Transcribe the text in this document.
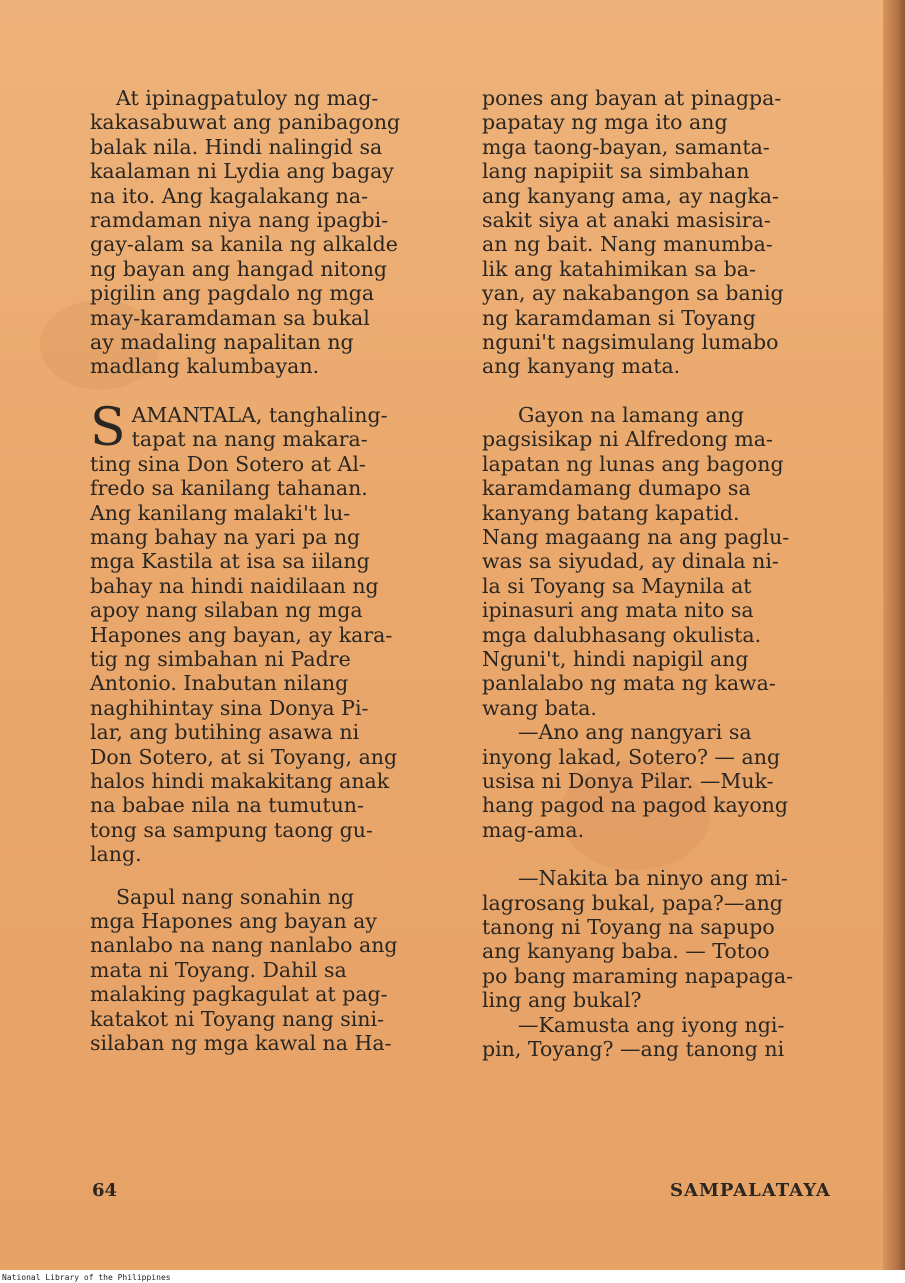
At ipinagpatuloy ng mag-
kakasabuwat ang panibagong
balak nila. Hindi nalingid sa
kaalaman ni Lydia ang bagay
na ito. Ang kagalakang na-
ramdaman niya nang ipagbi-
gay-alam sa kanila ng alkalde
ng bayan ang hangad nitong
pigilin ang pagdalo ng mga
may-karamdaman sa bukal
ay madaling napalitan ng
madlang kalumbayan.

S AMANTALA, tanghaling-
tapat na nang makara-
ting sina Don Sotero at Al-
fredo sa kanilang tahanan.
Ang kanilang malaki't lu-
mang bahay na yari pa ng
mga Kastila at isa sa iilang
bahay na hindi naidilaan ng
apoy nang silaban ng mga
Hapones ang bayan, ay kara-
tig ng simbahan ni Padre
Antonio. Inabutan nilang
naghihintay sina Donya Pi-
lar, ang butihing asawa ni
Don Sotero, at si Toyang, ang
halos hindi makakitang anak
na babae nila na tumutun-
tong sa sampung taong gu-
lang.

Sapul nang sonahin ng
mga Hapones ang bayan ay
nanlabo na nang nanlabo ang
mata ni Toyang. Dahil sa
malaking pagkagulat at pag-
katakot ni Toyang nang sini-
silaban ng mga kawal na Ha-

pones ang bayan at pinagpa-
papatay ng mga ito ang
mga taong-bayan, samanta-
lang napipiit sa simbahan
ang kanyang ama, ay nagka-
sakit siya at anaki masisira-
an ng bait. Nang manumba-
lik ang katahimikan sa ba-
yan, ay nakabangon sa banig
ng karamdaman si Toyang
nguni't nagsimulang lumabo
ang kanyang mata.

Gayon na lamang ang
pagsisikap ni Alfredong ma-
lapatan ng lunas ang bagong
karamdamang dumapo sa
kanyang batang kapatid.
Nang magaang na ang paglu-
was sa siyudad, ay dinala ni-
la si Toyang sa Maynila at
ipinasuri ang mata nito sa
mga dalubhasang okulista.
Nguni't, hindi napigil ang
panlalabo ng mata ng kawa-
wang bata.

—Ano ang nangyari sa
inyong lakad, Sotero? — ang
usisa ni Donya Pilar. —Muk-
hang pagod na pagod kayong
mag-ama.

—Nakita ba ninyo ang mi-
lagrosang bukal, papa?—ang
tanong ni Toyang na sapupo
ang kanyang baba. — Totoo
po bang maraming napapaga-
ling ang bukal?

—Kamusta ang iyong ngi-
pin, Toyang? —ang tanong ni

64	SAMPALATAYA
National Library of the Philippines
